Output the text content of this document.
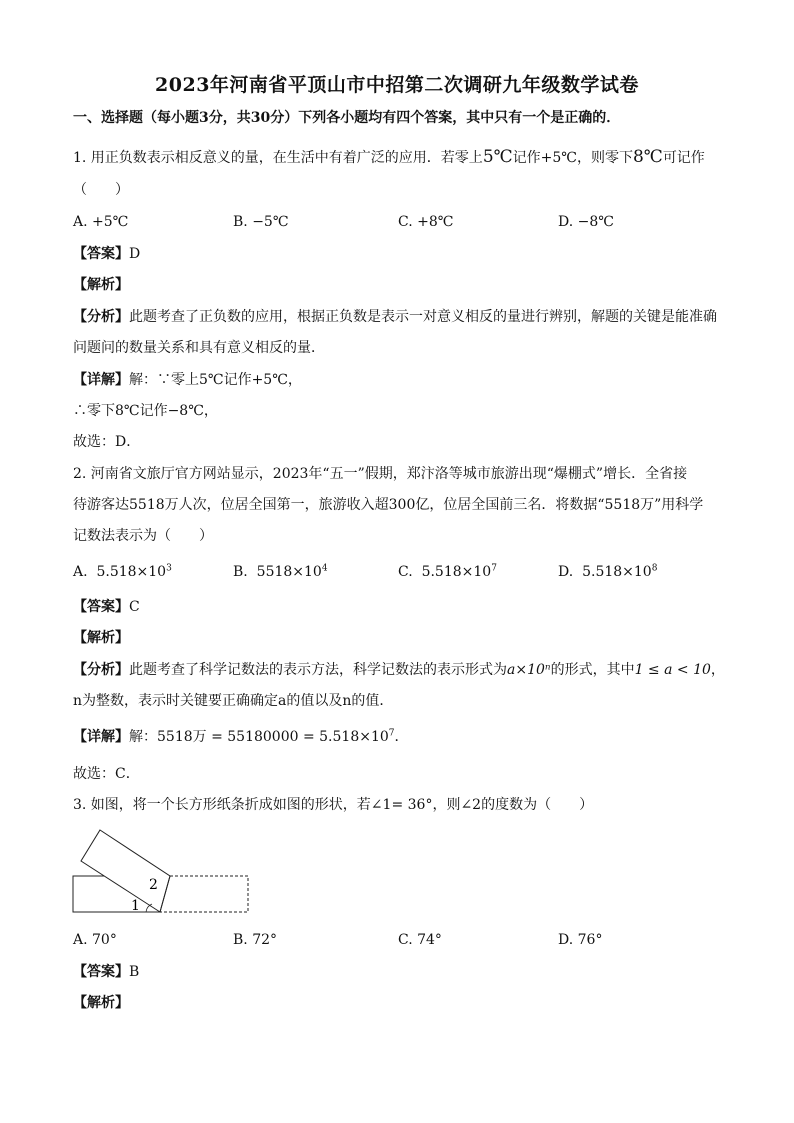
2023年河南省平顶山市中招第二次调研九年级数学试卷
一、选择题（每小题3分，共30分）下列各小题均有四个答案，其中只有一个是正确的．
1. 用正负数表示相反意义的量，在生活中有着广泛的应用．若零上5℃记作+5℃，则零下8℃可记作
（　　）
A. +5℃	B. −5℃	C. +8℃	D. −8℃
【答案】D
【解析】
【分析】此题考查了正负数的应用，根据正负数是表示一对意义相反的量进行辨别，解题的关键是能准确
问题问的数量关系和具有意义相反的量．
【详解】解：∵零上5℃记作+5℃，
∴零下8℃记作−8℃，
故选：D．
2. 河南省文旅厅官方网站显示，2023年“五一”假期，郑汴洛等城市旅游出现“爆棚式”增长．全省接
待游客达5518万人次，位居全国第一，旅游收入超300亿，位居全国前三名．将数据“5518万”用科学
记数法表示为（　　）
A. $5.518\times 10^3$	B. $5518\times 10^4$	C. $5.518\times 10^7$	D. $5.518\times 10^8$
【答案】C
【解析】
【分析】此题考查了科学记数法的表示方法，科学记数法的表示形式为a×10ⁿ的形式，其中1 ≤ a < 10，
n为整数，表示时关键要正确确定a的值以及n的值．
【详解】解：5518万 = $55180000 = 5.518\times 10^7$．
故选：C．
3. 如图，将一个长方形纸条折成如图的形状，若∠1= 36°，则∠2的度数为（　　）
2
1
A. 70°	B. 72°	C. 74°	D. 76°
【答案】B
【解析】
